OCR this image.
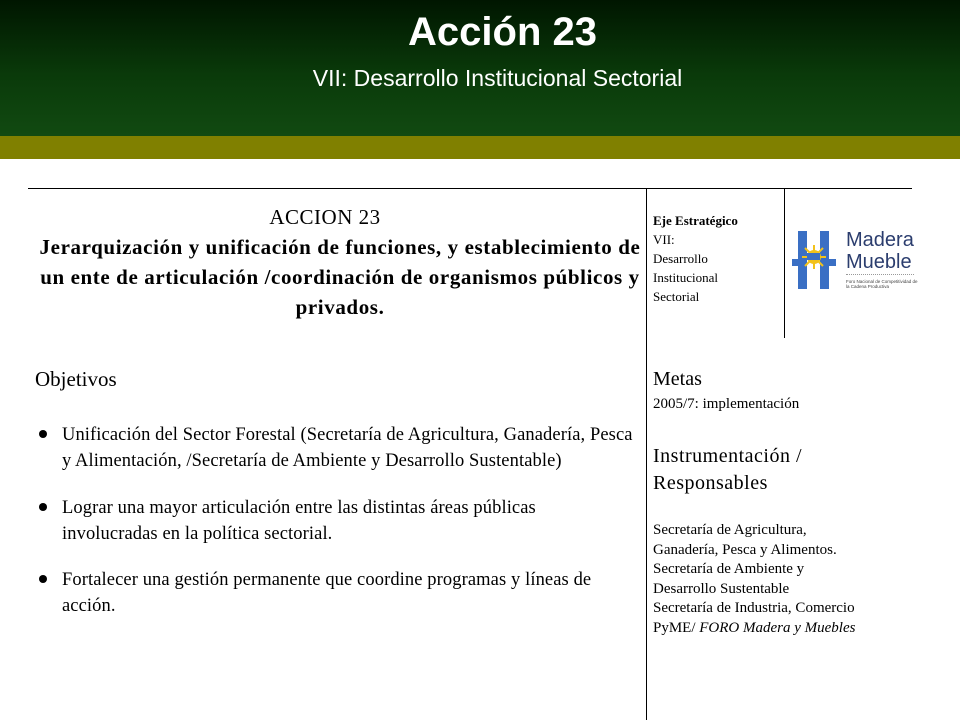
Acción 23
VII: Desarrollo Institucional Sectorial
ACCION 23
Jerarquización y unificación de funciones, y establecimiento de un ente de articulación /coordinación de organismos públicos y privados.
Eje Estratégico
VII:
Desarrollo
Institucional
Sectorial
Madera
Mueble
Foro Nacional de Competitividad de la Cadena Productiva
Objetivos
Unificación del Sector Forestal (Secretaría de Agricultura, Ganadería, Pesca y Alimentación, /Secretaría de Ambiente y Desarrollo Sustentable)
Lograr una mayor articulación entre las distintas áreas públicas involucradas en la política sectorial.
Fortalecer una gestión permanente que coordine programas y líneas de acción.
Metas
2005/7: implementación
Instrumentación /
Responsables
Secretaría de Agricultura,
Ganadería, Pesca y Alimentos.
Secretaría de Ambiente y
Desarrollo Sustentable
Secretaría de Industria, Comercio
PyME/ FORO Madera y Muebles
